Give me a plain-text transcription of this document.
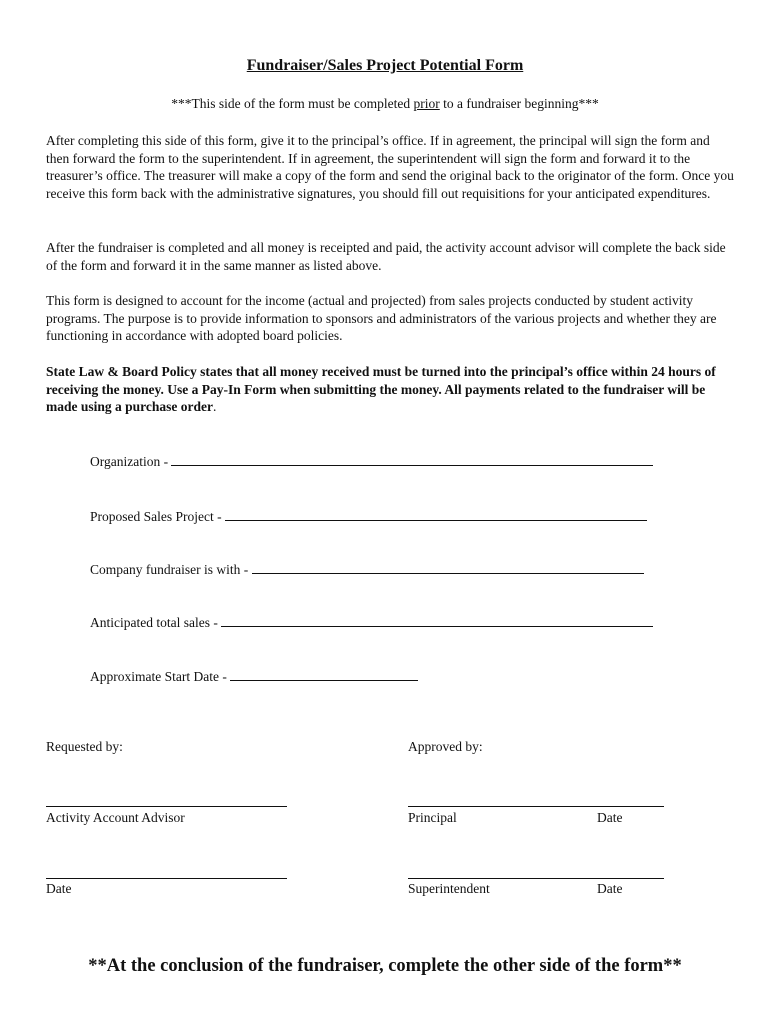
Fundraiser/Sales Project Potential Form
***This side of the form must be completed prior to a fundraiser beginning***

After completing this side of this form, give it to the principal’s office. If in agreement, the principal will sign the form and then forward the form to the superintendent. If in agreement, the superintendent will sign the form and forward it to the treasurer’s office. The treasurer will make a copy of the form and send the original back to the originator of the form. Once you receive this form back with the administrative signatures, you should fill out requisitions for your anticipated expenditures.

After the fundraiser is completed and all money is receipted and paid, the activity account advisor will complete the back side of the form and forward it in the same manner as listed above.

This form is designed to account for the income (actual and projected) from sales projects conducted by student activity programs. The purpose is to provide information to sponsors and administrators of the various projects and whether they are functioning in accordance with adopted board policies.

State Law & Board Policy states that all money received must be turned into the principal’s office within 24 hours of receiving the money. Use a Pay-In Form when submitting the money. All payments related to the fundraiser will be made using a purchase order.

Organization -
Proposed Sales Project -
Company fundraiser is with -
Anticipated total sales -
Approximate Start Date -
Requested by:	Approved by:
Activity Account Advisor	Principal	Date
Date	Superintendent	Date
**At the conclusion of the fundraiser, complete the other side of the form**
